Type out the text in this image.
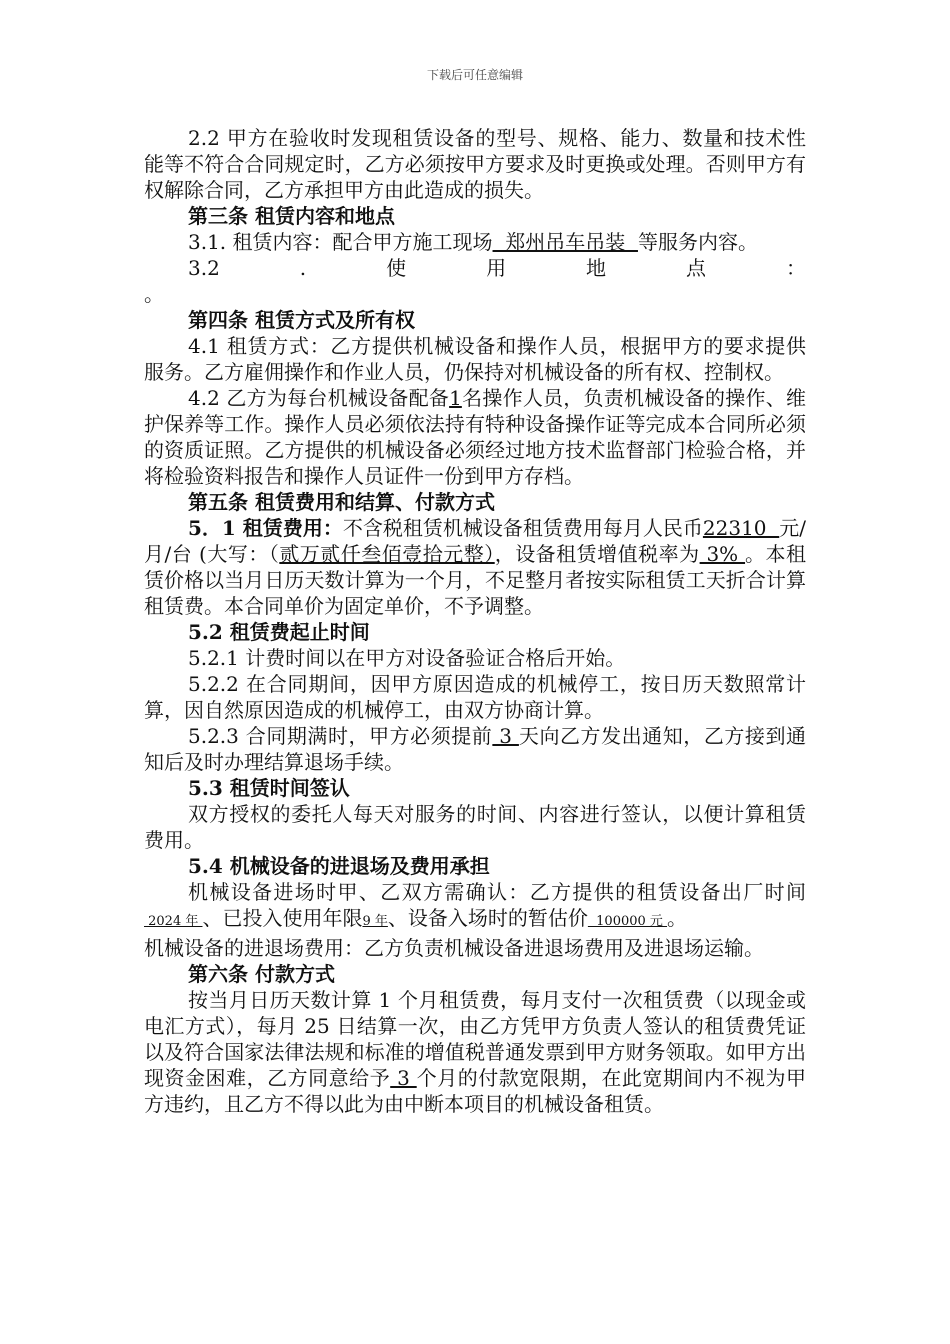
下载后可任意编辑

2.2 甲方在验收时发现租赁设备的型号、规格、能力、数量和技术性能等不符合合同规定时，乙方必须按甲方要求及时更换或处理。否则甲方有权解除合同，乙方承担甲方由此造成的损失。

第三条 租赁内容和地点

3.1. 租赁内容：配合甲方施工现场  郑州吊车吊装  等服务内容。

3.2	.	使	用	地	点	：

。

第四条 租赁方式及所有权

4.1 租赁方式：乙方提供机械设备和操作人员，根据甲方的要求提供服务。乙方雇佣操作和作业人员，仍保持对机械设备的所有权、控制权。

4.2 乙方为每台机械设备配备1名操作人员，负责机械设备的操作、维护保养等工作。操作人员必须依法持有特种设备操作证等完成本合同所必须的资质证照。乙方提供的机械设备必须经过地方技术监督部门检验合格，并将检验资料报告和操作人员证件一份到甲方存档。

第五条 租赁费用和结算、付款方式

5．1 租赁费用：不含税租赁机械设备租赁费用每月人民币22310  元/月/台 (大写：（贰万贰仟叁佰壹拾元整），设备租赁增值税率为 3% 。本租赁价格以当月日历天数计算为一个月，不足整月者按实际租赁工天折合计算租赁费。本合同单价为固定单价，不予调整。

5.2 租赁费起止时间

5.2.1 计费时间以在甲方对设备验证合格后开始。

5.2.2 在合同期间，因甲方原因造成的机械停工，按日历天数照常计算，因自然原因造成的机械停工，由双方协商计算。

5.2.3 合同期满时，甲方必须提前 3 天向乙方发出通知，乙方接到通知后及时办理结算退场手续。

5.3 租赁时间签认

双方授权的委托人每天对服务的时间、内容进行签认，以便计算租赁费用。

5.4 机械设备的进退场及费用承担

机械设备进场时甲、乙双方需确认：乙方提供的租赁设备出厂时间 2024 年 、已投入使用年限9 年、设备入场时的暂估价  100000 元 。

机械设备的进退场费用：乙方负责机械设备进退场费用及进退场运输。

第六条 付款方式

按当月日历天数计算 1 个月租赁费，每月支付一次租赁费（以现金或电汇方式），每月 25 日结算一次，由乙方凭甲方负责人签认的租赁费凭证以及符合国家法律法规和标准的增值税普通发票到甲方财务领取。如甲方出现资金困难，乙方同意给予 3 个月的付款宽限期，在此宽期间内不视为甲方违约，且乙方不得以此为由中断本项目的机械设备租赁。
